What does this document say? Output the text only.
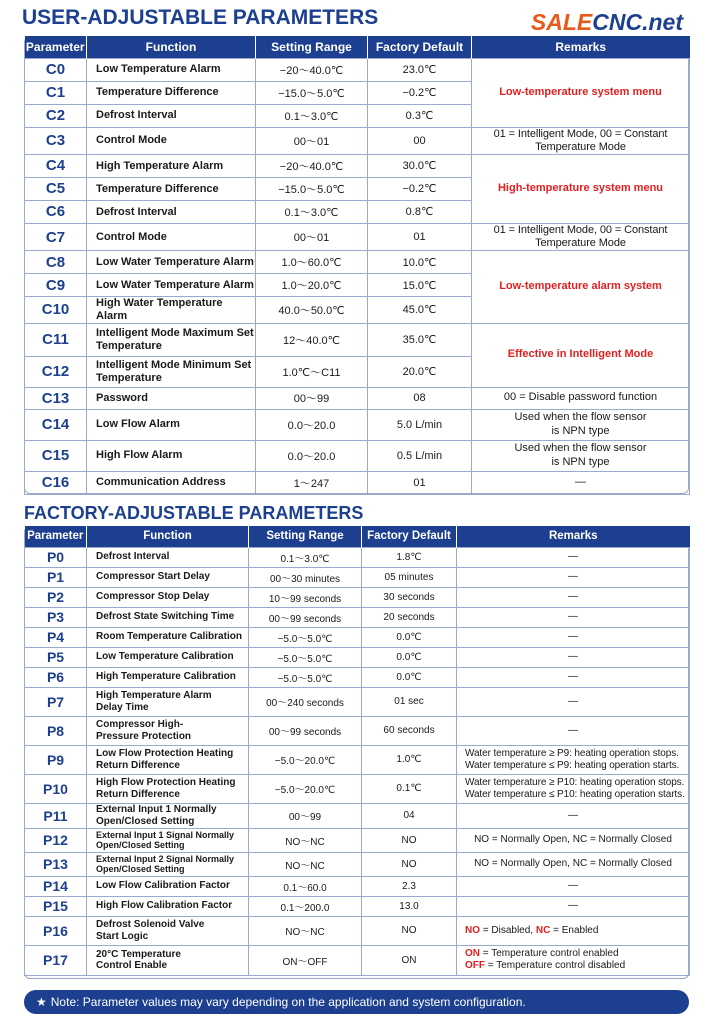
USER-ADJUSTABLE PARAMETERS	SALECNC.net
Parameter	Function	Setting Range	Factory Default	Remarks
C0	Low Temperature Alarm	−20～40.0℃	23.0℃	Low-temperature system menu
C1	Temperature Difference	−15.0～5.0℃	−0.2℃	
C2	Defrost Interval	0.1～3.0℃	0.3℃	
C3	Control Mode	00～01	00	01 = Intelligent Mode, 00 = Constant Temperature Mode
C4	High Temperature Alarm	−20～40.0℃	30.0℃	High-temperature system menu
C5	Temperature Difference	−15.0～5.0℃	−0.2℃	
C6	Defrost Interval	0.1～3.0℃	0.8℃	
C7	Control Mode	00～01	01	01 = Intelligent Mode, 00 = Constant Temperature Mode
C8	Low Water Temperature Alarm	1.0～60.0℃	10.0℃	Low-temperature alarm system
C9	Low Water Temperature Alarm	1.0～20.0℃	15.0℃	
C10	High Water Temperature Alarm	40.0～50.0℃	45.0℃	
C11	Intelligent Mode Maximum Set Temperature	12～40.0℃	35.0℃	Effective in Intelligent Mode
C12	Intelligent Mode Minimum Set Temperature	1.0℃～C11	20.0℃	
C13	Password	00～99	08	00 = Disable password function
C14	Low Flow Alarm	0.0～20.0	5.0 L/min	Used when the flow sensor is NPN type
C15	High Flow Alarm	0.0～20.0	0.5 L/min	Used when the flow sensor is NPN type
C16	Communication Address	1～247	01	—
FACTORY-ADJUSTABLE PARAMETERS
Parameter	Function	Setting Range	Factory Default	Remarks
P0	Defrost Interval	0.1～3.0℃	1.8℃	—
P1	Compressor Start Delay	00～30 minutes	05 minutes	—
P2	Compressor Stop Delay	10～99 seconds	30 seconds	—
P3	Defrost State Switching Time	00～99 seconds	20 seconds	—
P4	Room Temperature Calibration	−5.0～5.0℃	0.0℃	—
P5	Low Temperature Calibration	−5.0～5.0℃	0.0℃	—
P6	High Temperature Calibration	−5.0～5.0℃	0.0℃	—
P7	High Temperature Alarm Delay Time	00～240 seconds	01 sec	—
P8	Compressor High-Pressure Protection	00～99 seconds	60 seconds	—
P9	Low Flow Protection Heating Return Difference	−5.0～20.0℃	1.0℃	Water temperature ≥ P9: heating operation stops.
Water temperature ≤ P9: heating operation starts.

P10	High Flow Protection Heating Return Difference	−5.0～20.0℃	0.1℃	Water temperature ≥ P10: heating operation stops.
Water temperature ≤ P10: heating operation starts.

P11	External Input 1 Normally Open/Closed Setting	00～99	04	—
P12	External Input 1 Signal Normally Open/Closed Setting	NO～NC	NO	NO = Normally Open, NC = Normally Closed
P13	External Input 2 Signal Normally Open/Closed Setting	NO～NC	NO	NO = Normally Open, NC = Normally Closed
P14	Low Flow Calibration Factor	0.1～60.0	2.3	—
P15	High Flow Calibration Factor	0.1～200.0	13.0	—
P16	Defrost Solenoid Valve Start Logic	NO～NC	NO	NO = Disabled, NC = Enabled
P17	20°C Temperature Control Enable	ON～OFF	ON	ON = Temperature control enabled
OFF = Temperature control disabled
★ Note: Parameter values may vary depending on the application and system configuration.
